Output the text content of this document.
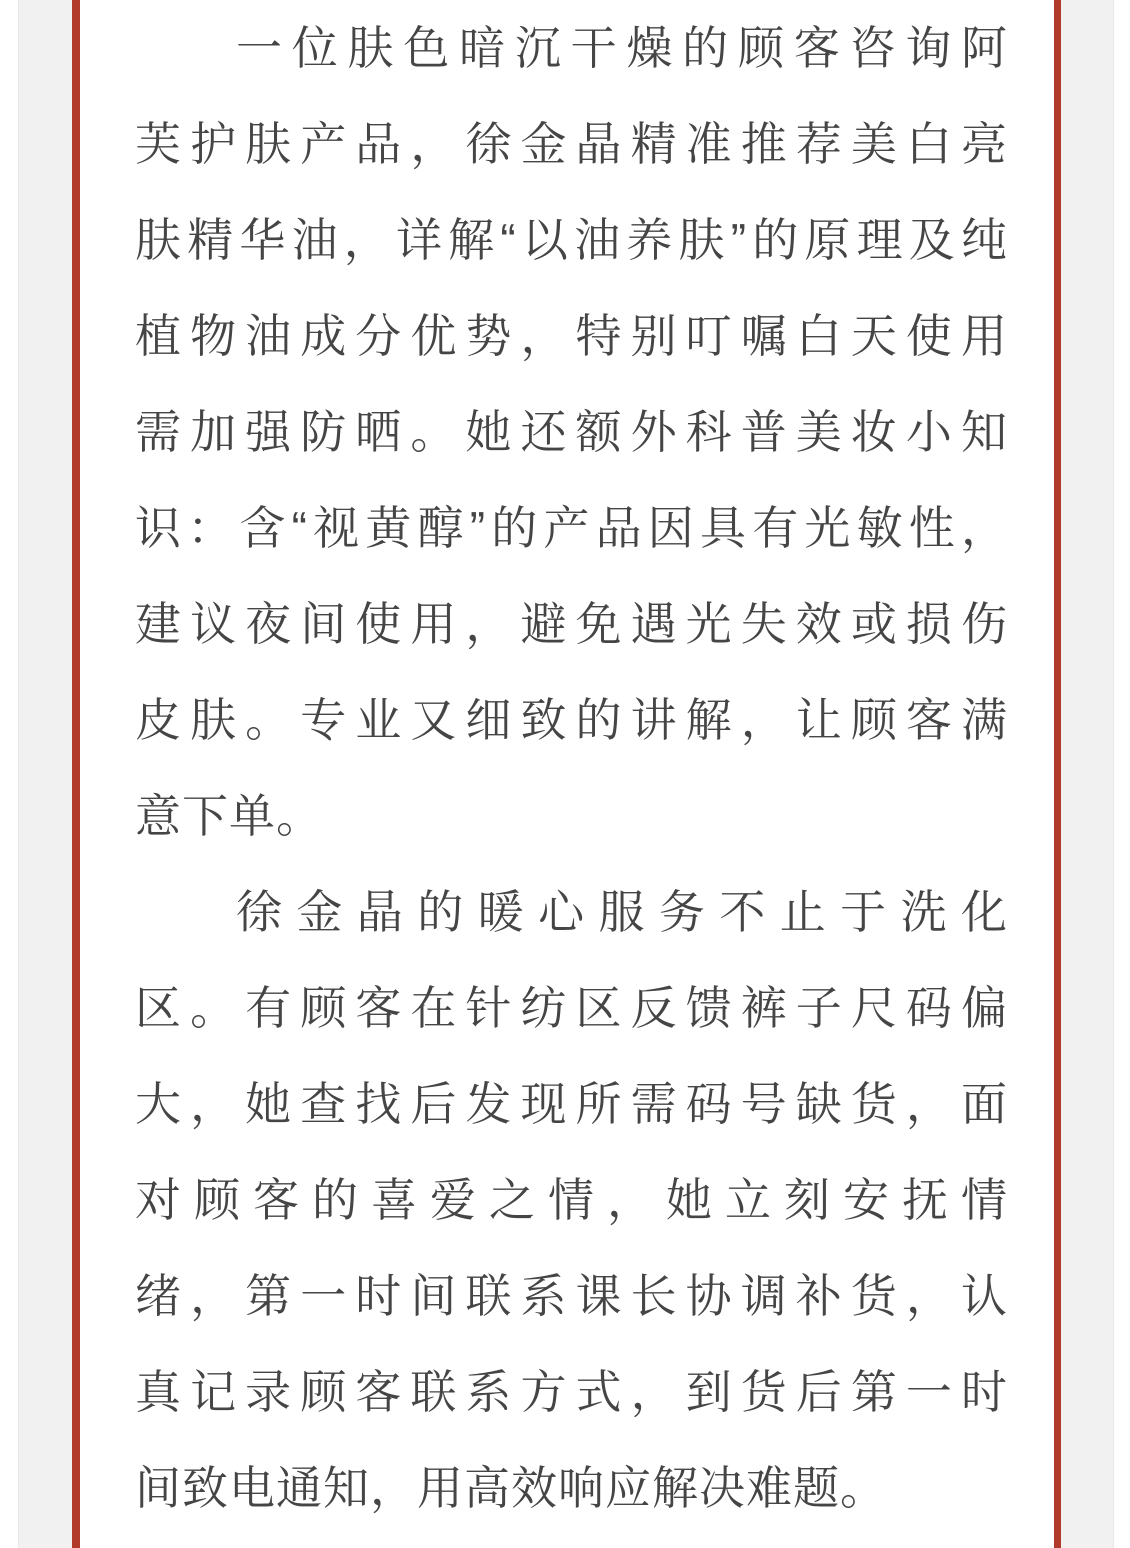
一位肤色暗沉干燥的顾客咨询阿
芙护肤产品，徐金晶精准推荐美白亮
肤精华油，详解“以油养肤”的原理及纯
植物油成分优势，特别叮嘱白天使用
需加强防晒。她还额外科普美妆小知
识：含“视黄醇”的产品因具有光敏性，
建议夜间使用，避免遇光失效或损伤
皮肤。专业又细致的讲解，让顾客满
意下单。
徐金晶的暖心服务不止于洗化
区。有顾客在针纺区反馈裤子尺码偏
大，她查找后发现所需码号缺货，面
对顾客的喜爱之情，她立刻安抚情
绪，第一时间联系课长协调补货，认
真记录顾客联系方式，到货后第一时
间致电通知，用高效响应解决难题。
